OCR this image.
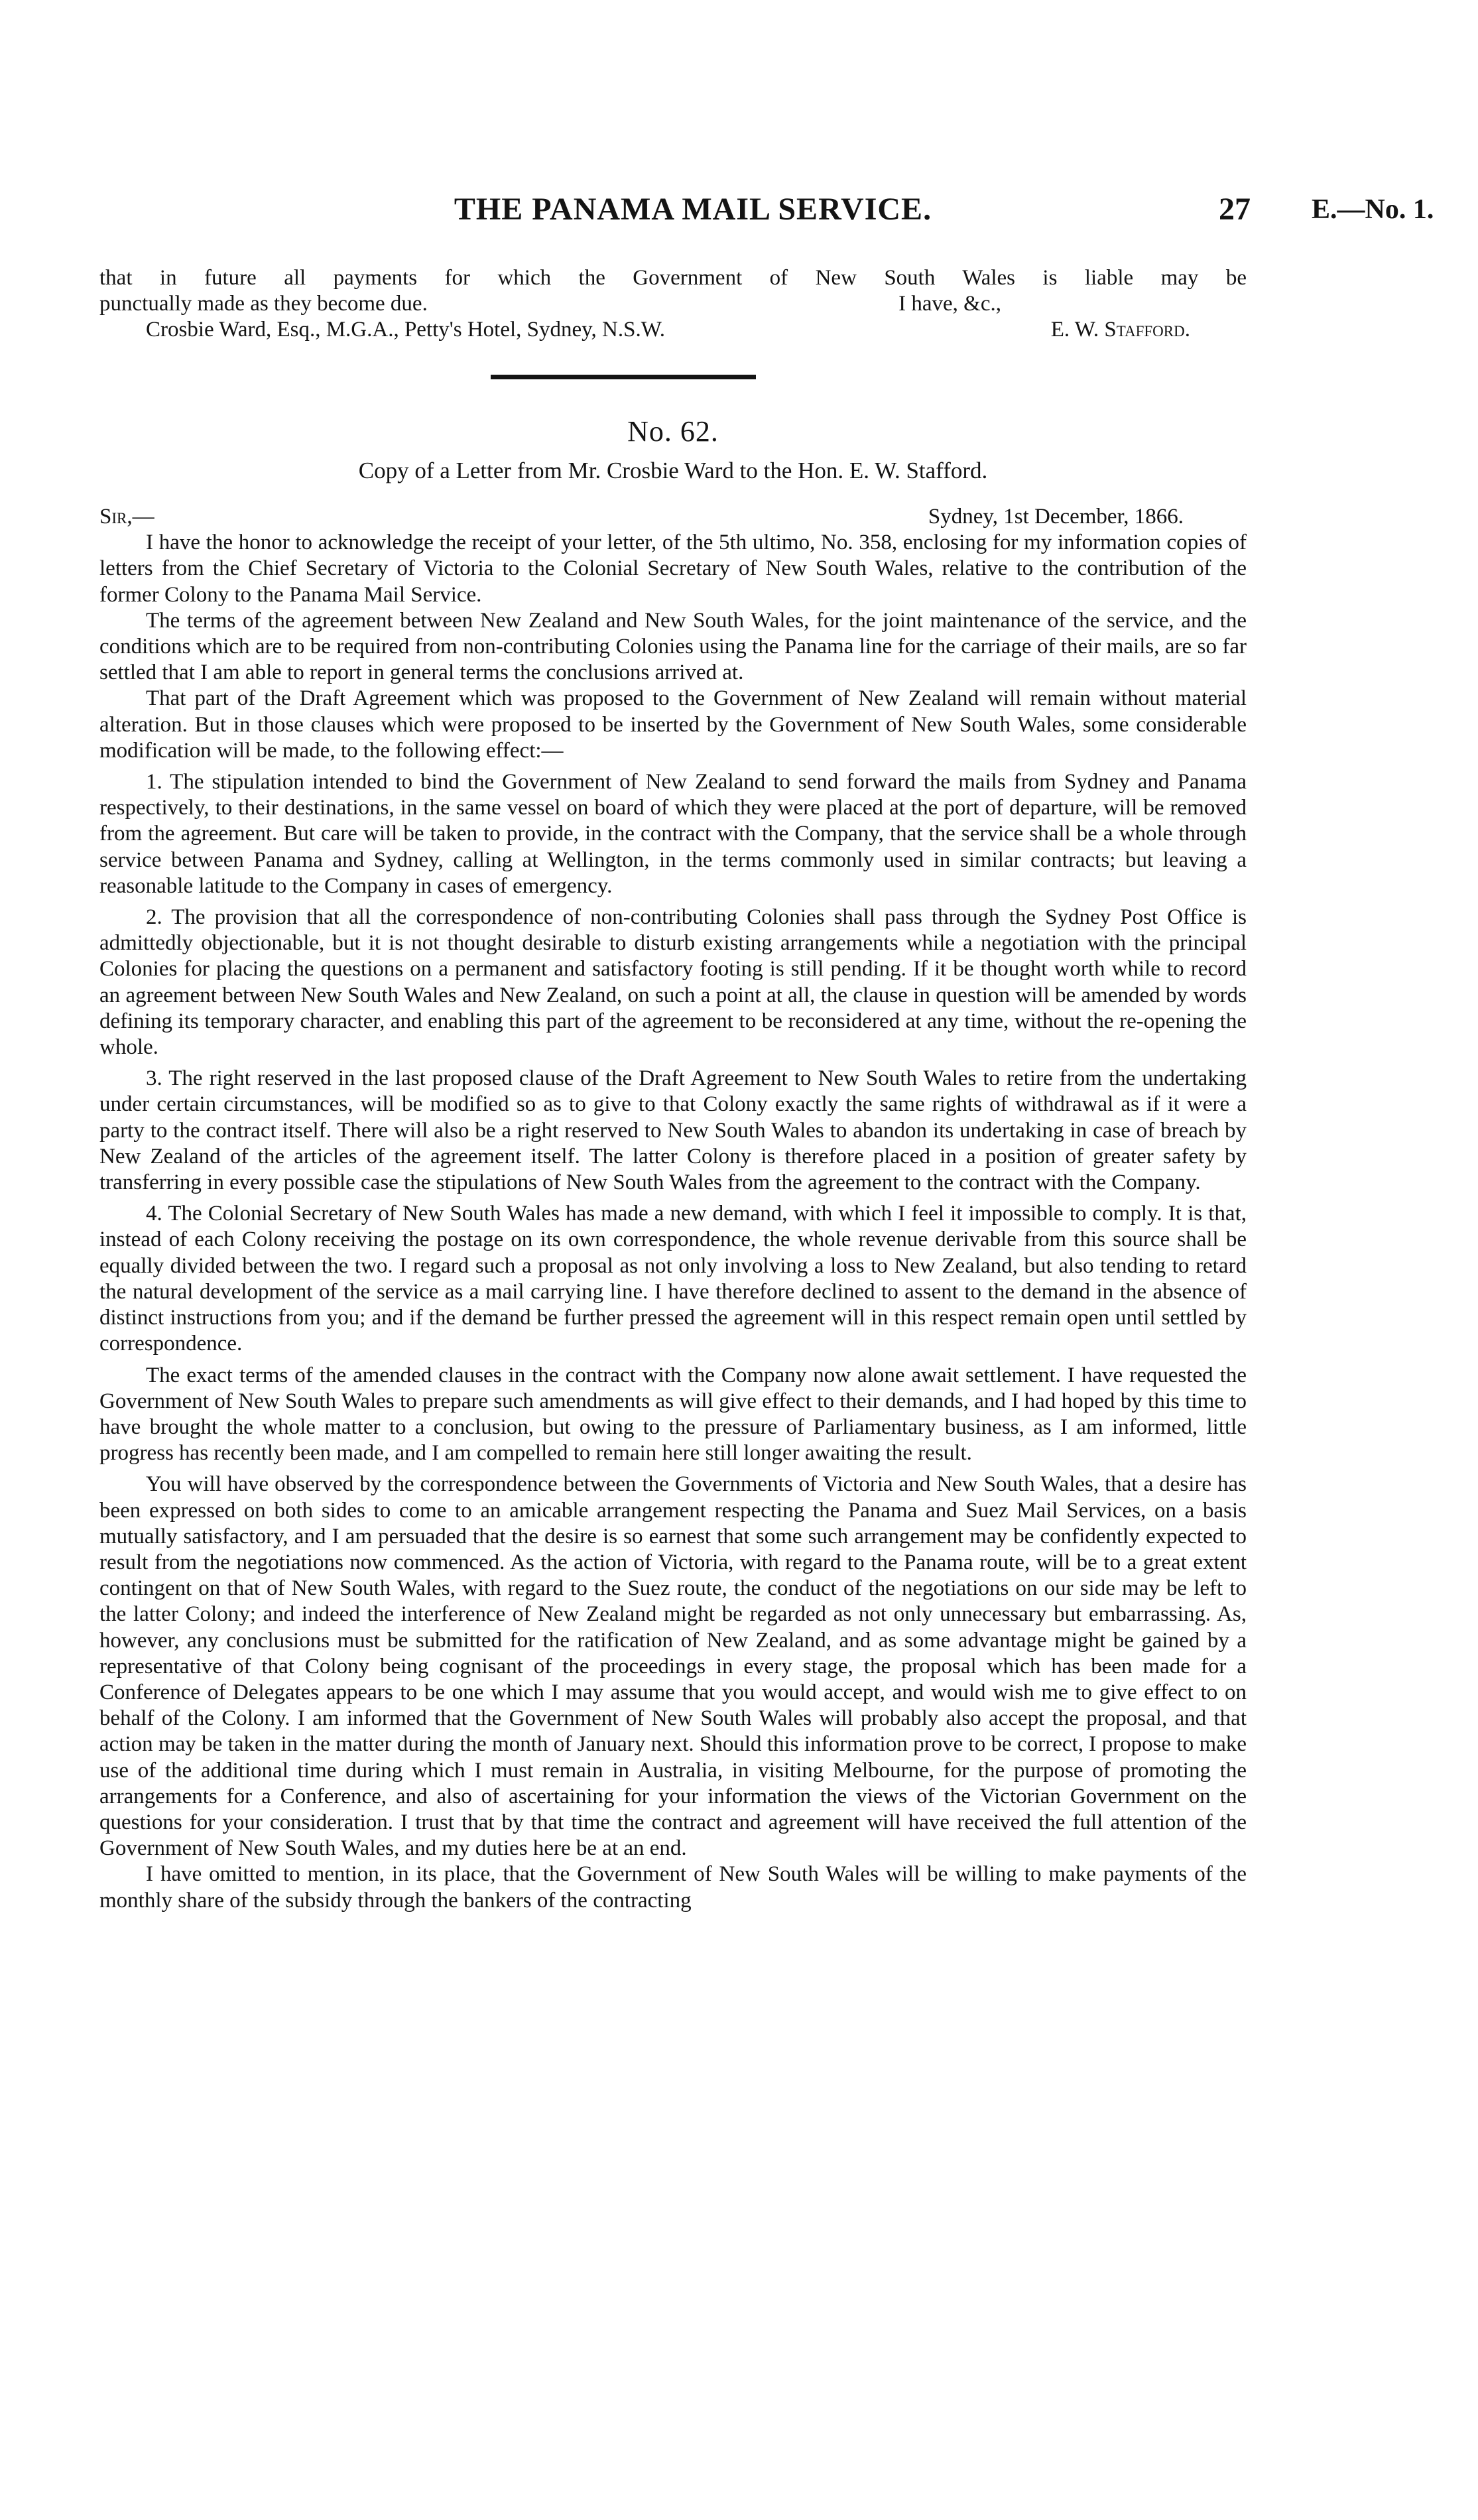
THE PANAMA MAIL SERVICE.	27 E.—No. 1.
that in future all payments for which the Government of New South Wales is liable may be
punctually made as they become due.	I have, &c.,
Crosbie Ward, Esq., M.G.A., Petty's Hotel, Sydney, N.S.W.	E. W. Stafford.
No. 62.
Copy of a Letter from Mr. Crosbie Ward to the Hon. E. W. Stafford.
Sir,—	Sydney, 1st December, 1866.

I have the honor to acknowledge the receipt of your letter, of the 5th ultimo, No. 358, enclosing for my information copies of letters from the Chief Secretary of Victoria to the Colonial Secretary of New South Wales, relative to the contribution of the former Colony to the Panama Mail Service.

The terms of the agreement between New Zealand and New South Wales, for the joint maintenance of the service, and the conditions which are to be required from non-contributing Colonies using the Panama line for the carriage of their mails, are so far settled that I am able to report in general terms the conclusions arrived at.

That part of the Draft Agreement which was proposed to the Government of New Zealand will remain without material alteration. But in those clauses which were proposed to be inserted by the Government of New South Wales, some considerable modification will be made, to the following effect:—

1. The stipulation intended to bind the Government of New Zealand to send forward the mails from Sydney and Panama respectively, to their destinations, in the same vessel on board of which they were placed at the port of departure, will be removed from the agreement. But care will be taken to provide, in the contract with the Company, that the service shall be a whole through service between Panama and Sydney, calling at Wellington, in the terms commonly used in similar contracts; but leaving a reasonable latitude to the Company in cases of emergency.

2. The provision that all the correspondence of non-contributing Colonies shall pass through the Sydney Post Office is admittedly objectionable, but it is not thought desirable to disturb existing arrangements while a negotiation with the principal Colonies for placing the questions on a permanent and satisfactory footing is still pending. If it be thought worth while to record an agreement between New South Wales and New Zealand, on such a point at all, the clause in question will be amended by words defining its temporary character, and enabling this part of the agreement to be reconsidered at any time, without the re-opening the whole.

3. The right reserved in the last proposed clause of the Draft Agreement to New South Wales to retire from the undertaking under certain circumstances, will be modified so as to give to that Colony exactly the same rights of withdrawal as if it were a party to the contract itself. There will also be a right reserved to New South Wales to abandon its undertaking in case of breach by New Zealand of the articles of the agreement itself. The latter Colony is therefore placed in a position of greater safety by transferring in every possible case the stipulations of New South Wales from the agreement to the contract with the Company.

4. The Colonial Secretary of New South Wales has made a new demand, with which I feel it impossible to comply. It is that, instead of each Colony receiving the postage on its own correspondence, the whole revenue derivable from this source shall be equally divided between the two. I regard such a proposal as not only involving a loss to New Zealand, but also tending to retard the natural development of the service as a mail carrying line. I have therefore declined to assent to the demand in the absence of distinct instructions from you; and if the demand be further pressed the agreement will in this respect remain open until settled by correspondence.

The exact terms of the amended clauses in the contract with the Company now alone await settlement. I have requested the Government of New South Wales to prepare such amendments as will give effect to their demands, and I had hoped by this time to have brought the whole matter to a conclusion, but owing to the pressure of Parliamentary business, as I am informed, little progress has recently been made, and I am compelled to remain here still longer awaiting the result.

You will have observed by the correspondence between the Governments of Victoria and New South Wales, that a desire has been expressed on both sides to come to an amicable arrangement respecting the Panama and Suez Mail Services, on a basis mutually satisfactory, and I am persuaded that the desire is so earnest that some such arrangement may be confidently expected to result from the negotiations now commenced. As the action of Victoria, with regard to the Panama route, will be to a great extent contingent on that of New South Wales, with regard to the Suez route, the conduct of the negotiations on our side may be left to the latter Colony; and indeed the interference of New Zealand might be regarded as not only unnecessary but embarrassing. As, however, any conclusions must be submitted for the ratification of New Zealand, and as some advantage might be gained by a representative of that Colony being cognisant of the proceedings in every stage, the proposal which has been made for a Conference of Delegates appears to be one which I may assume that you would accept, and would wish me to give effect to on behalf of the Colony. I am informed that the Government of New South Wales will probably also accept the proposal, and that action may be taken in the matter during the month of January next. Should this information prove to be correct, I propose to make use of the additional time during which I must remain in Australia, in visiting Melbourne, for the purpose of promoting the arrangements for a Conference, and also of ascertaining for your information the views of the Victorian Government on the questions for your consideration. I trust that by that time the contract and agreement will have received the full attention of the Government of New South Wales, and my duties here be at an end.

I have omitted to mention, in its place, that the Government of New South Wales will be willing to make payments of the monthly share of the subsidy through the bankers of the contracting
